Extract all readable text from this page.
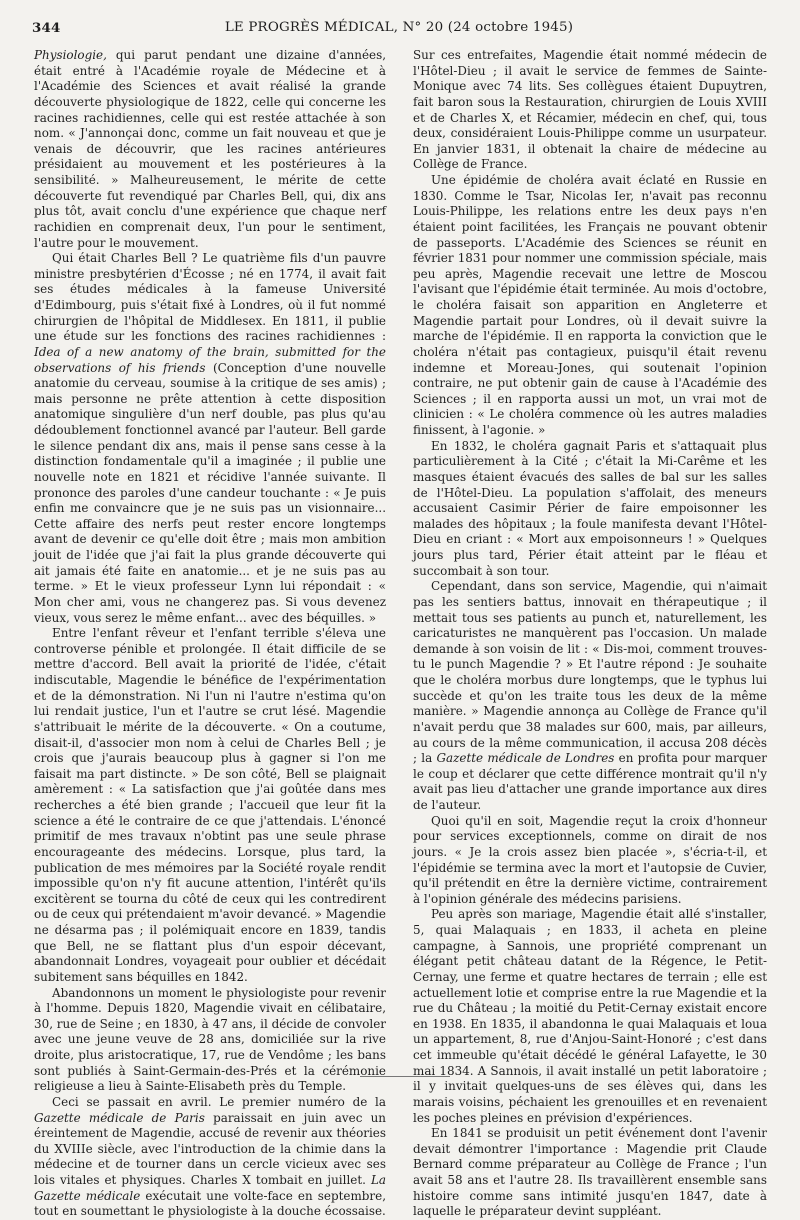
344	LE PROGRÈS MÉDICAL, N° 20 (24 octobre 1945)

Physiologie, qui parut pendant une dizaine d'années, était entré à l'Académie royale de Médecine et à l'Académie des Sciences et avait réalisé la grande découverte physiologique de 1822, celle qui concerne les racines rachidiennes, celle qui est restée attachée à son nom. « J'annonçai donc, comme un fait nouveau et que je venais de découvrir, que les racines antérieures présidaient au mouvement et les postérieures à la sensibilité. » Malheureusement, le mérite de cette découverte fut revendiqué par Charles Bell, qui, dix ans plus tôt, avait conclu d'une expérience que chaque nerf rachidien en comprenait deux, l'un pour le sentiment, l'autre pour le mouvement.

Qui était Charles Bell ? Le quatrième fils d'un pauvre ministre presbytérien d'Écosse ; né en 1774, il avait fait ses études médicales à la fameuse Université d'Edimbourg, puis s'était fixé à Londres, où il fut nommé chirurgien de l'hôpital de Middlesex. En 1811, il publie une étude sur les fonctions des racines rachidiennes : Idea of a new anatomy of the brain, submitted for the observations of his friends (Conception d'une nouvelle anatomie du cerveau, soumise à la critique de ses amis) ; mais personne ne prête attention à cette disposition anatomique singulière d'un nerf double, pas plus qu'au dédoublement fonctionnel avancé par l'auteur. Bell garde le silence pendant dix ans, mais il pense sans cesse à la distinction fondamentale qu'il a imaginée ; il publie une nouvelle note en 1821 et récidive l'année suivante. Il prononce des paroles d'une candeur touchante : « Je puis enfin me convaincre que je ne suis pas un visionnaire... Cette affaire des nerfs peut rester encore longtemps avant de devenir ce qu'elle doit être ; mais mon ambition jouit de l'idée que j'ai fait la plus grande découverte qui ait jamais été faite en anatomie... et je ne suis pas au terme. » Et le vieux professeur Lynn lui répondait : « Mon cher ami, vous ne changerez pas. Si vous devenez vieux, vous serez le même enfant... avec des béquilles. »

Entre l'enfant rêveur et l'enfant terrible s'éleva une controverse pénible et prolongée. Il était difficile de se mettre d'accord. Bell avait la priorité de l'idée, c'était indiscutable, Magendie le bénéfice de l'expérimentation et de la démonstration. Ni l'un ni l'autre n'estima qu'on lui rendait justice, l'un et l'autre se crut lésé. Magendie s'attribuait le mérite de la découverte. « On a coutume, disait-il, d'associer mon nom à celui de Charles Bell ; je crois que j'aurais beaucoup plus à gagner si l'on me faisait ma part distincte. » De son côté, Bell se plaignait amèrement : « La satisfaction que j'ai goûtée dans mes recherches a été bien grande ; l'accueil que leur fit la science a été le contraire de ce que j'attendais. L'énoncé primitif de mes travaux n'obtint pas une seule phrase encourageante des médecins. Lorsque, plus tard, la publication de mes mémoires par la Société royale rendit impossible qu'on n'y fit aucune attention, l'intérêt qu'ils excitèrent se tourna du côté de ceux qui les contredirent ou de ceux qui prétendaient m'avoir devancé. » Magendie ne désarma pas ; il polémiquait encore en 1839, tandis que Bell, ne se flattant plus d'un espoir décevant, abandonnait Londres, voyageait pour oublier et décédait subitement sans béquilles en 1842.

Abandonnons un moment le physiologiste pour revenir à l'homme. Depuis 1820, Magendie vivait en célibataire, 30, rue de Seine ; en 1830, à 47 ans, il décide de convoler avec une jeune veuve de 28 ans, domiciliée sur la rive droite, plus aristocratique, 17, rue de Vendôme ; les bans sont publiés à Saint-Germain-des-Prés et la cérémonie religieuse a lieu à Sainte-Elisabeth près du Temple.

Ceci se passait en avril. Le premier numéro de la Gazette médicale de Paris paraissait en juin avec un éreintement de Magendie, accusé de revenir aux théories du XVIIIe siècle, avec l'introduction de la chimie dans la médecine et de tourner dans un cercle vicieux avec ses lois vitales et physiques. Charles X tombait en juillet. La Gazette médicale exécutait une volte-face en septembre, tout en soumettant le physiologiste à la douche écossaise.

Sur ces entrefaites, Magendie était nommé médecin de l'Hôtel-Dieu ; il avait le service de femmes de Sainte-Monique avec 74 lits. Ses collègues étaient Dupuytren, fait baron sous la Restauration, chirurgien de Louis XVIII et de Charles X, et Récamier, médecin en chef, qui, tous deux, considéraient Louis-Philippe comme un usurpateur. En janvier 1831, il obtenait la chaire de médecine au Collège de France.

Une épidémie de choléra avait éclaté en Russie en 1830. Comme le Tsar, Nicolas Ier, n'avait pas reconnu Louis-Philippe, les relations entre les deux pays n'en étaient point facilitées, les Français ne pouvant obtenir de passeports. L'Académie des Sciences se réunit en février 1831 pour nommer une commission spéciale, mais peu après, Magendie recevait une lettre de Moscou l'avisant que l'épidémie était terminée. Au mois d'octobre, le choléra faisait son apparition en Angleterre et Magendie partait pour Londres, où il devait suivre la marche de l'épidémie. Il en rapporta la conviction que le choléra n'était pas contagieux, puisqu'il était revenu indemne et Moreau-Jones, qui soutenait l'opinion contraire, ne put obtenir gain de cause à l'Académie des Sciences ; il en rapporta aussi un mot, un vrai mot de clinicien : « Le choléra commence où les autres maladies finissent, à l'agonie. »

En 1832, le choléra gagnait Paris et s'attaquait plus particulièrement à la Cité ; c'était la Mi-Carême et les masques étaient évacués des salles de bal sur les salles de l'Hôtel-Dieu. La population s'affolait, des meneurs accusaient Casimir Périer de faire empoisonner les malades des hôpitaux ; la foule manifesta devant l'Hôtel-Dieu en criant : « Mort aux empoisonneurs ! » Quelques jours plus tard, Périer était atteint par le fléau et succombait à son tour.

Cependant, dans son service, Magendie, qui n'aimait pas les sentiers battus, innovait en thérapeutique ; il mettait tous ses patients au punch et, naturellement, les caricaturistes ne manquèrent pas l'occasion. Un malade demande à son voisin de lit : « Dis-moi, comment trouves-tu le punch Magendie ? » Et l'autre répond : Je souhaite que le choléra morbus dure longtemps, que le typhus lui succède et qu'on les traite tous les deux de la même manière. » Magendie annonça au Collège de France qu'il n'avait perdu que 38 malades sur 600, mais, par ailleurs, au cours de la même communication, il accusa 208 décès ; la Gazette médicale de Londres en profita pour marquer le coup et déclarer que cette différence montrait qu'il n'y avait pas lieu d'attacher une grande importance aux dires de l'auteur.

Quoi qu'il en soit, Magendie reçut la croix d'honneur pour services exceptionnels, comme on dirait de nos jours. « Je la crois assez bien placée », s'écria-t-il, et l'épidémie se termina avec la mort et l'autopsie de Cuvier, qu'il prétendit en être la dernière victime, contrairement à l'opinion générale des médecins parisiens.

Peu après son mariage, Magendie était allé s'installer, 5, quai Malaquais ; en 1833, il acheta en pleine campagne, à Sannois, une propriété comprenant un élégant petit château datant de la Régence, le Petit-Cernay, une ferme et quatre hectares de terrain ; elle est actuellement lotie et comprise entre la rue Magendie et la rue du Château ; la moitié du Petit-Cernay existait encore en 1938. En 1835, il abandonna le quai Malaquais et loua un appartement, 8, rue d'Anjou-Saint-Honoré ; c'est dans cet immeuble qu'était décédé le général Lafayette, le 30 mai 1834. A Sannois, il avait installé un petit laboratoire ; il y invitait quelques-uns de ses élèves qui, dans les marais voisins, péchaient les grenouilles et en revenaient les poches pleines en prévision d'expériences.

En 1841 se produisit un petit événement dont l'avenir devait démontrer l'importance : Magendie prit Claude Bernard comme préparateur au Collège de France ; l'un avait 58 ans et l'autre 28. Ils travaillèrent ensemble sans histoire comme sans intimité jusqu'en 1847, date à laquelle le préparateur devint suppléant.
